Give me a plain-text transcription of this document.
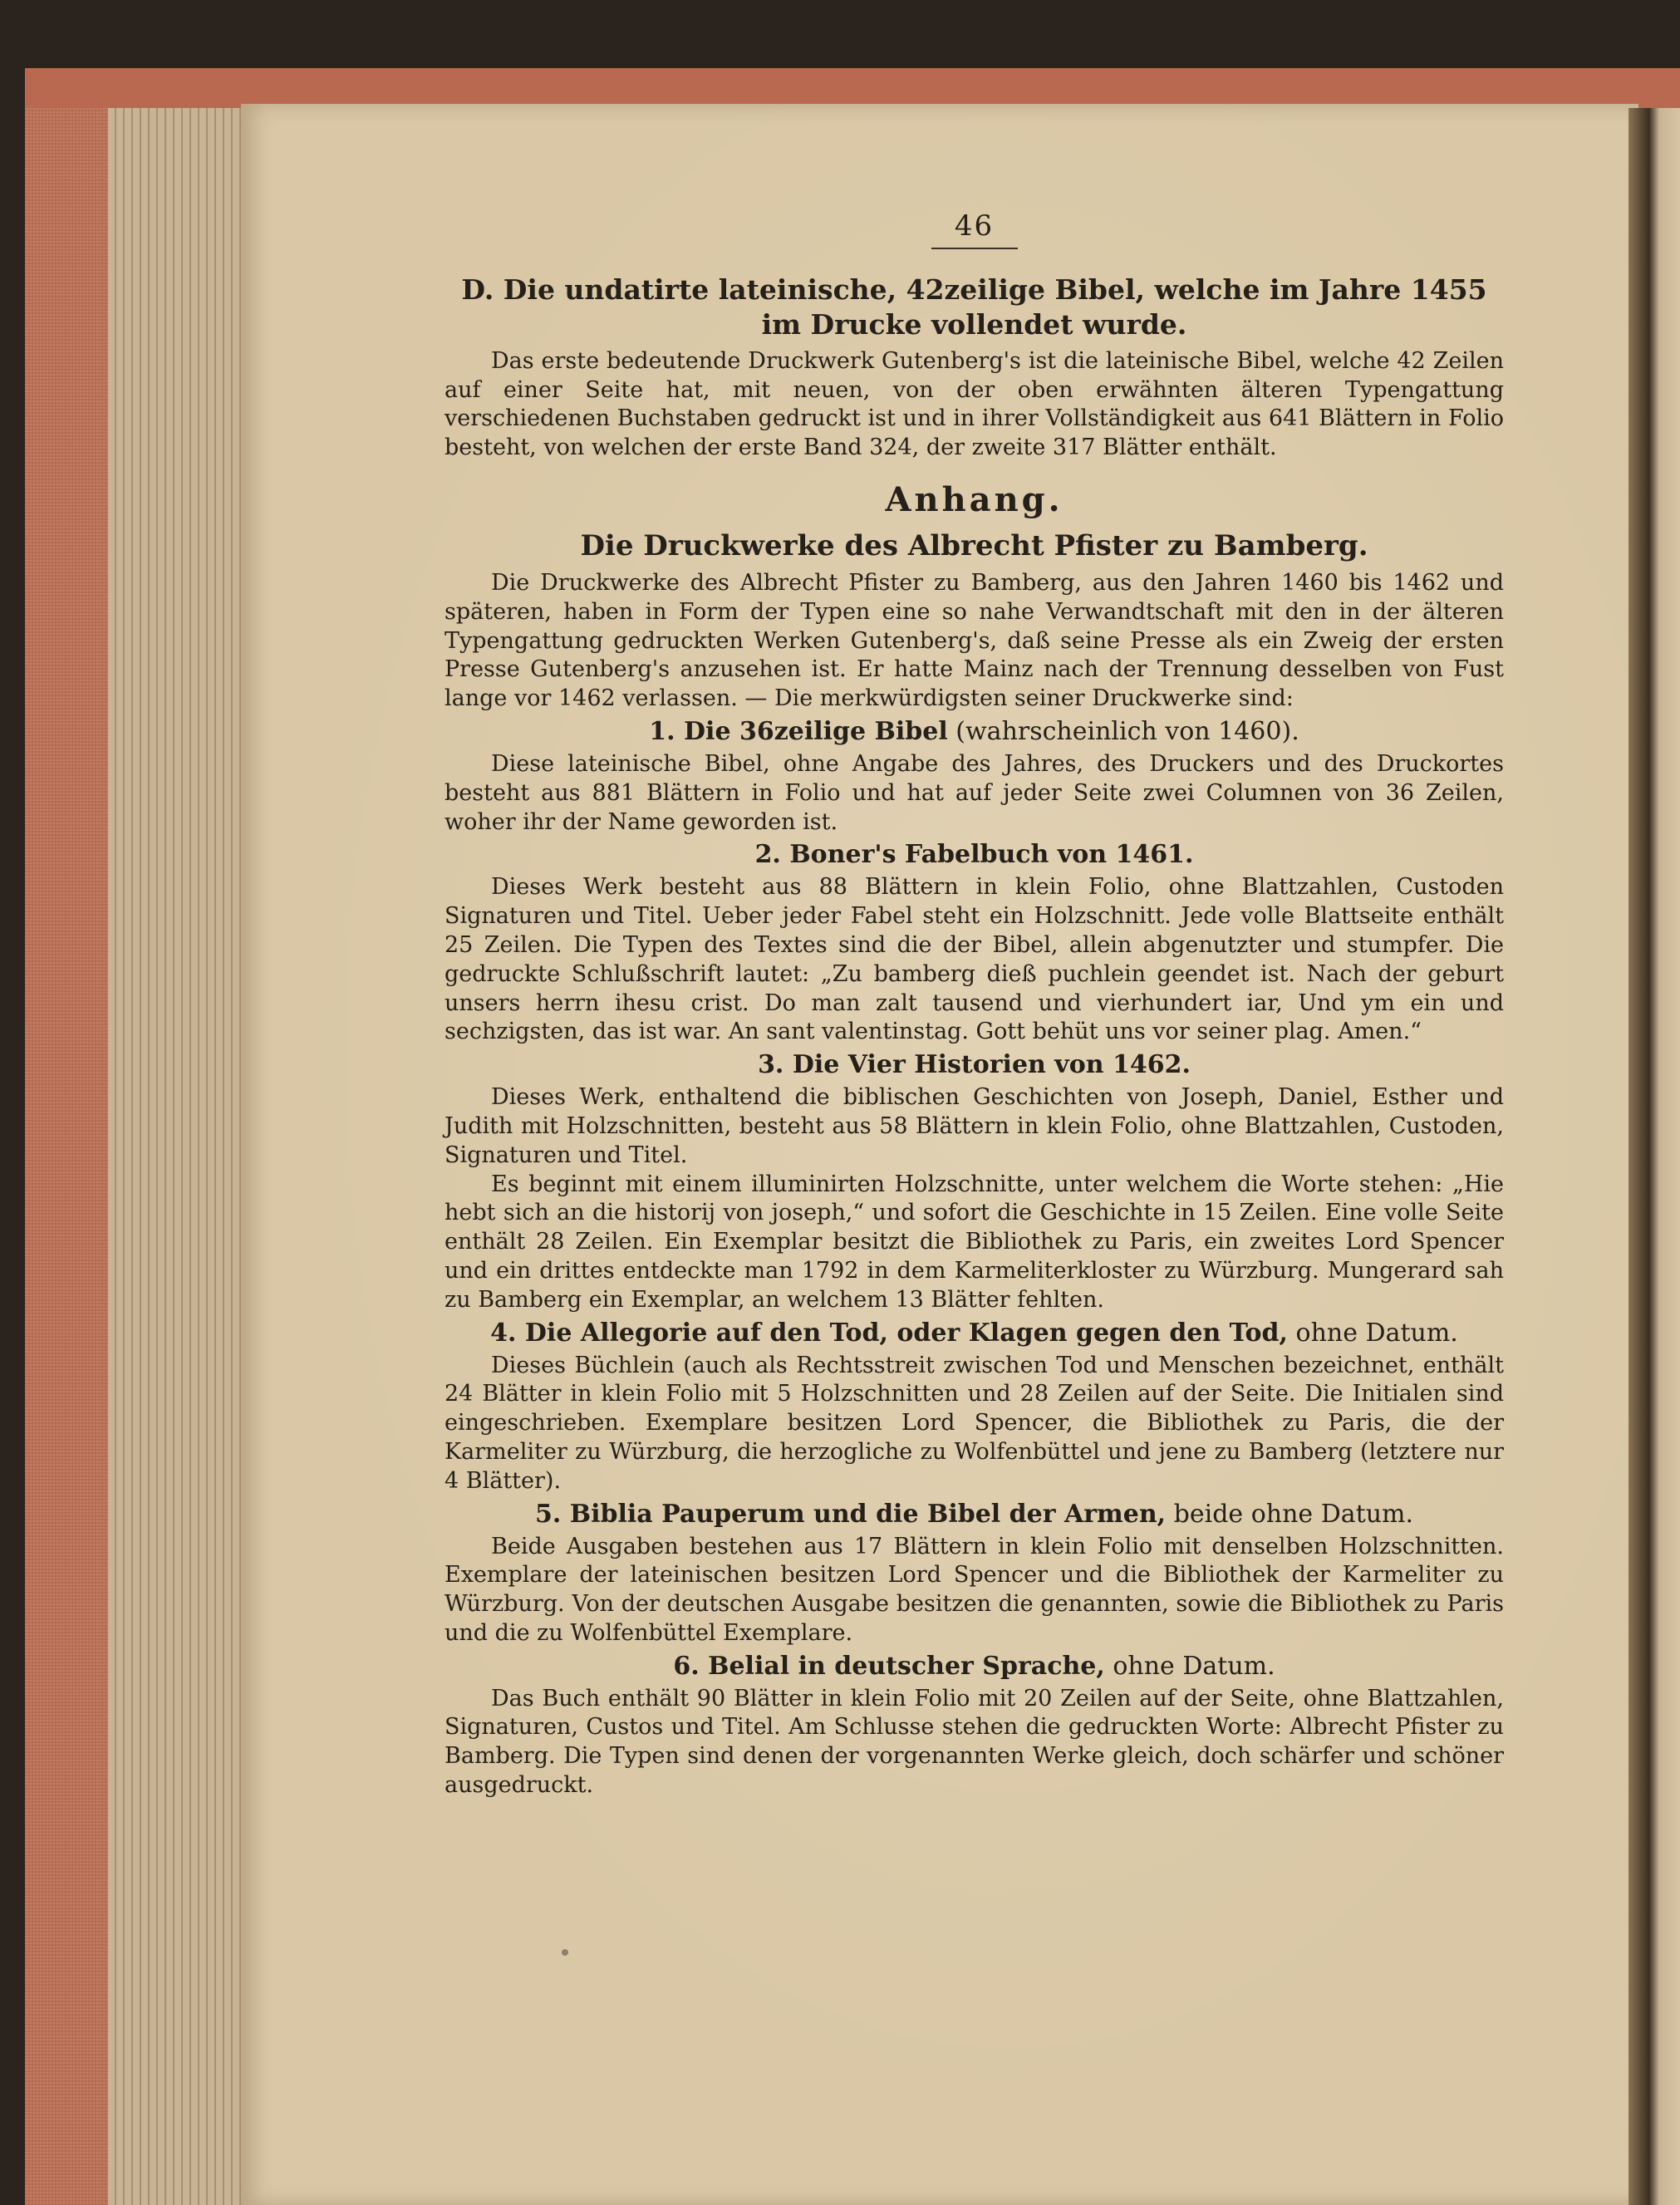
46
D. Die undatirte lateinische, 42zeilige Bibel, welche im Jahre 1455 im Drucke vollendet wurde.

Das erste bedeutende Druckwerk Gutenberg's ist die lateinische Bibel, welche 42 Zeilen auf einer Seite hat, mit neuen, von der oben erwähnten älteren Typengattung verschiedenen Buchstaben gedruckt ist und in ihrer Vollständigkeit aus 641 Blättern in Folio besteht, von welchen der erste Band 324, der zweite 317 Blätter enthält.

Anhang.
Die Druckwerke des Albrecht Pfister zu Bamberg.

Die Druckwerke des Albrecht Pfister zu Bamberg, aus den Jahren 1460 bis 1462 und späteren, haben in Form der Typen eine so nahe Verwandtschaft mit den in der älteren Typengattung gedruckten Werken Gutenberg's, daß seine Presse als ein Zweig der ersten Presse Gutenberg's anzusehen ist. Er hatte Mainz nach der Trennung desselben von Fust lange vor 1462 verlassen. — Die merkwürdigsten seiner Druckwerke sind:

1. Die 36zeilige Bibel (wahrscheinlich von 1460).

Diese lateinische Bibel, ohne Angabe des Jahres, des Druckers und des Druckortes besteht aus 881 Blättern in Folio und hat auf jeder Seite zwei Columnen von 36 Zeilen, woher ihr der Name geworden ist.

2. Boner's Fabelbuch von 1461.

Dieses Werk besteht aus 88 Blättern in klein Folio, ohne Blattzahlen, Custoden Signaturen und Titel. Ueber jeder Fabel steht ein Holzschnitt. Jede volle Blattseite enthält 25 Zeilen. Die Typen des Textes sind die der Bibel, allein abgenutzter und stumpfer. Die gedruckte Schlußschrift lautet: „Zu bamberg dieß puchlein geendet ist. Nach der geburt unsers herrn ihesu crist. Do man zalt tausend und vierhundert iar, Und ym ein und sechzigsten, das ist war. An sant valentinstag. Gott behüt uns vor seiner plag. Amen.“

3. Die Vier Historien von 1462.

Dieses Werk, enthaltend die biblischen Geschichten von Joseph, Daniel, Esther und Judith mit Holzschnitten, besteht aus 58 Blättern in klein Folio, ohne Blattzahlen, Custoden, Signaturen und Titel.

Es beginnt mit einem illuminirten Holzschnitte, unter welchem die Worte stehen: „Hie hebt sich an die historij von joseph,“ und sofort die Geschichte in 15 Zeilen. Eine volle Seite enthält 28 Zeilen. Ein Exemplar besitzt die Bibliothek zu Paris, ein zweites Lord Spencer und ein drittes entdeckte man 1792 in dem Karmeliterkloster zu Würzburg. Mungerard sah zu Bamberg ein Exemplar, an welchem 13 Blätter fehlten.

4. Die Allegorie auf den Tod, oder Klagen gegen den Tod, ohne Datum.

Dieses Büchlein (auch als Rechtsstreit zwischen Tod und Menschen bezeichnet, enthält 24 Blätter in klein Folio mit 5 Holzschnitten und 28 Zeilen auf der Seite. Die Initialen sind eingeschrieben. Exemplare besitzen Lord Spencer, die Bibliothek zu Paris, die der Karmeliter zu Würzburg, die herzogliche zu Wolfenbüttel und jene zu Bamberg (letztere nur 4 Blätter).

5. Biblia Pauperum und die Bibel der Armen, beide ohne Datum.

Beide Ausgaben bestehen aus 17 Blättern in klein Folio mit denselben Holzschnitten. Exemplare der lateinischen besitzen Lord Spencer und die Bibliothek der Karmeliter zu Würzburg. Von der deutschen Ausgabe besitzen die genannten, sowie die Bibliothek zu Paris und die zu Wolfenbüttel Exemplare.

6. Belial in deutscher Sprache, ohne Datum.

Das Buch enthält 90 Blätter in klein Folio mit 20 Zeilen auf der Seite, ohne Blattzahlen, Signaturen, Custos und Titel. Am Schlusse stehen die gedruckten Worte: Albrecht Pfister zu Bamberg. Die Typen sind denen der vorgenannten Werke gleich, doch schärfer und schöner ausgedruckt.
